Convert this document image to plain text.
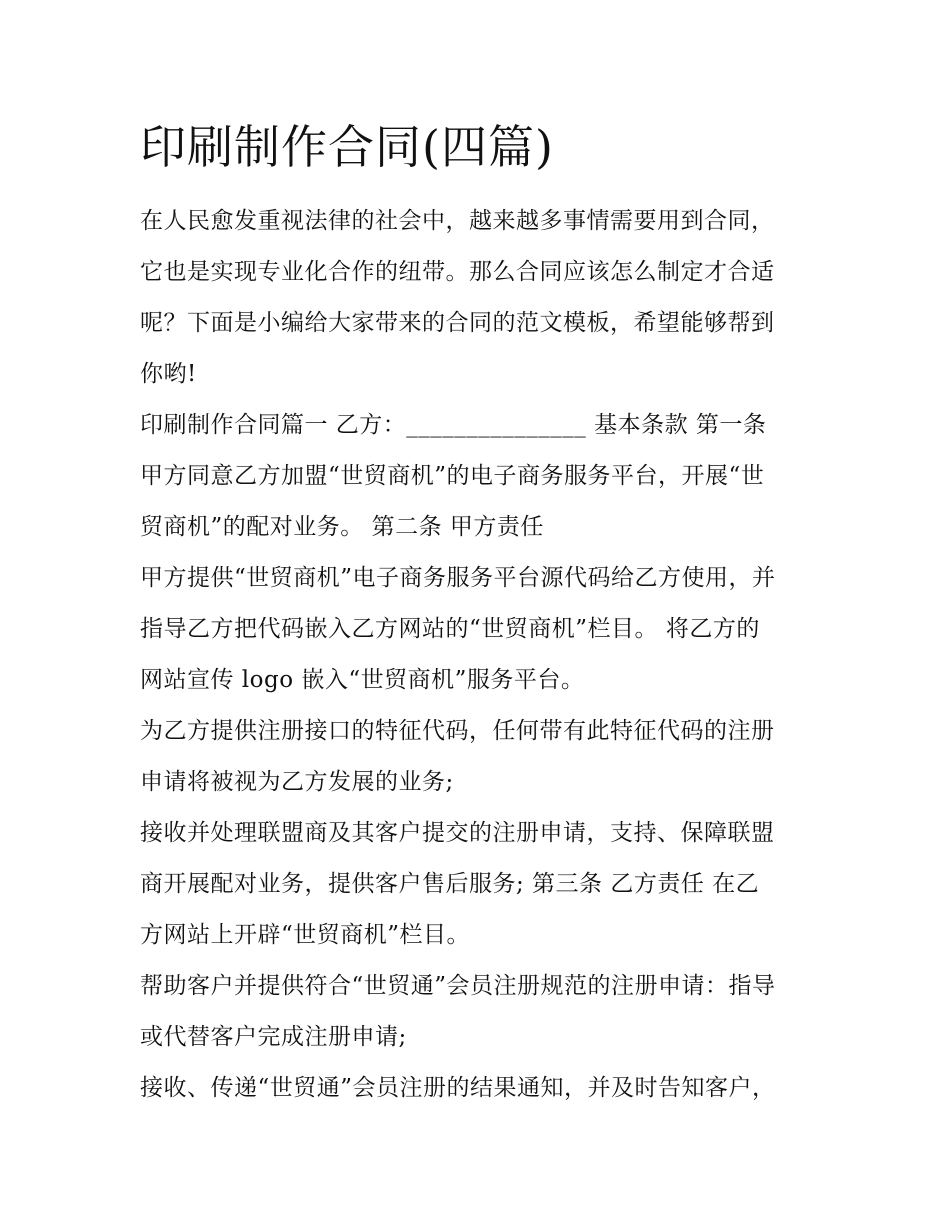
印刷制作合同(四篇)

在人民愈发重视法律的社会中，越来越多事情需要用到合同，
它也是实现专业化合作的纽带。那么合同应该怎么制定才合适
呢？下面是小编给大家带来的合同的范文模板，希望能够帮到
你哟!

印刷制作合同篇一 乙方：_______________ 基本条款 第一条
甲方同意乙方加盟“世贸商机”的电子商务服务平台，开展“世
贸商机”的配对业务。 第二条 甲方责任

甲方提供“世贸商机”电子商务服务平台源代码给乙方使用，并
指导乙方把代码嵌入乙方网站的“世贸商机”栏目。 将乙方的
网站宣传 logo 嵌入“世贸商机”服务平台。

为乙方提供注册接口的特征代码，任何带有此特征代码的注册
申请将被视为乙方发展的业务;

接收并处理联盟商及其客户提交的注册申请，支持、保障联盟
商开展配对业务，提供客户售后服务; 第三条 乙方责任 在乙
方网站上开辟“世贸商机”栏目。

帮助客户并提供符合“世贸通”会员注册规范的注册申请：指导
或代替客户完成注册申请;

接收、传递“世贸通”会员注册的结果通知，并及时告知客户，
